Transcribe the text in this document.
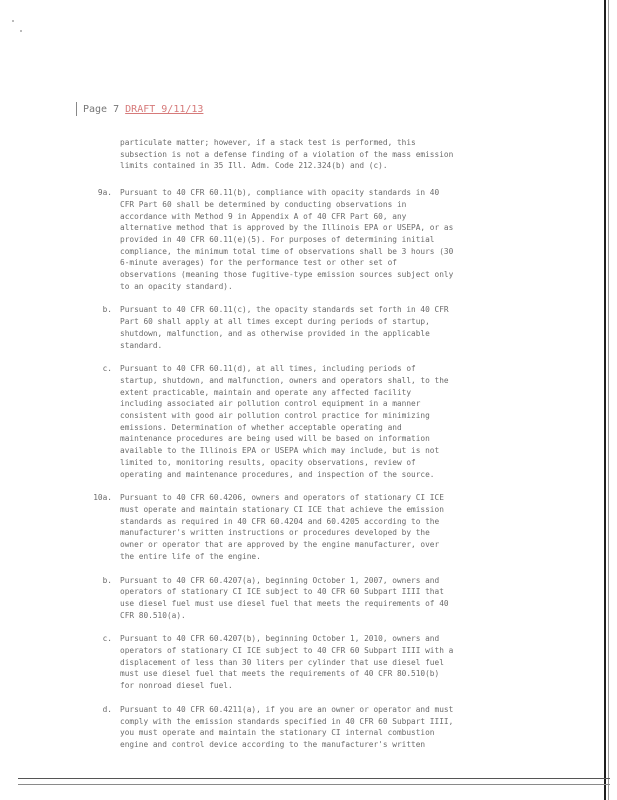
Page 7 DRAFT 9/11/13
particulate matter; however, if a stack test is performed, this
subsection is not a defense finding of a violation of the mass emission
limits contained in 35 Ill. Adm. Code 212.324(b) and (c).
9a. Pursuant to 40 CFR 60.11(b), compliance with opacity standards in 40
CFR Part 60 shall be determined by conducting observations in
accordance with Method 9 in Appendix A of 40 CFR Part 60, any
alternative method that is approved by the Illinois EPA or USEPA, or as
provided in 40 CFR 60.11(e)(5). For purposes of determining initial
compliance, the minimum total time of observations shall be 3 hours (30
6-minute averages) for the performance test or other set of
observations (meaning those fugitive-type emission sources subject only
to an opacity standard).
b. Pursuant to 40 CFR 60.11(c), the opacity standards set forth in 40 CFR
Part 60 shall apply at all times except during periods of startup,
shutdown, malfunction, and as otherwise provided in the applicable
standard.
c. Pursuant to 40 CFR 60.11(d), at all times, including periods of
startup, shutdown, and malfunction, owners and operators shall, to the
extent practicable, maintain and operate any affected facility
including associated air pollution control equipment in a manner
consistent with good air pollution control practice for minimizing
emissions. Determination of whether acceptable operating and
maintenance procedures are being used will be based on information
available to the Illinois EPA or USEPA which may include, but is not
limited to, monitoring results, opacity observations, review of
operating and maintenance procedures, and inspection of the source.
10a. Pursuant to 40 CFR 60.4206, owners and operators of stationary CI ICE
must operate and maintain stationary CI ICE that achieve the emission
standards as required in 40 CFR 60.4204 and 60.4205 according to the
manufacturer's written instructions or procedures developed by the
owner or operator that are approved by the engine manufacturer, over
the entire life of the engine.
b. Pursuant to 40 CFR 60.4207(a), beginning October 1, 2007, owners and
operators of stationary CI ICE subject to 40 CFR 60 Subpart IIII that
use diesel fuel must use diesel fuel that meets the requirements of 40
CFR 80.510(a).
c. Pursuant to 40 CFR 60.4207(b), beginning October 1, 2010, owners and
operators of stationary CI ICE subject to 40 CFR 60 Subpart IIII with a
displacement of less than 30 liters per cylinder that use diesel fuel
must use diesel fuel that meets the requirements of 40 CFR 80.510(b)
for nonroad diesel fuel.
d. Pursuant to 40 CFR 60.4211(a), if you are an owner or operator and must
comply with the emission standards specified in 40 CFR 60 Subpart IIII,
you must operate and maintain the stationary CI internal combustion
engine and control device according to the manufacturer's written
